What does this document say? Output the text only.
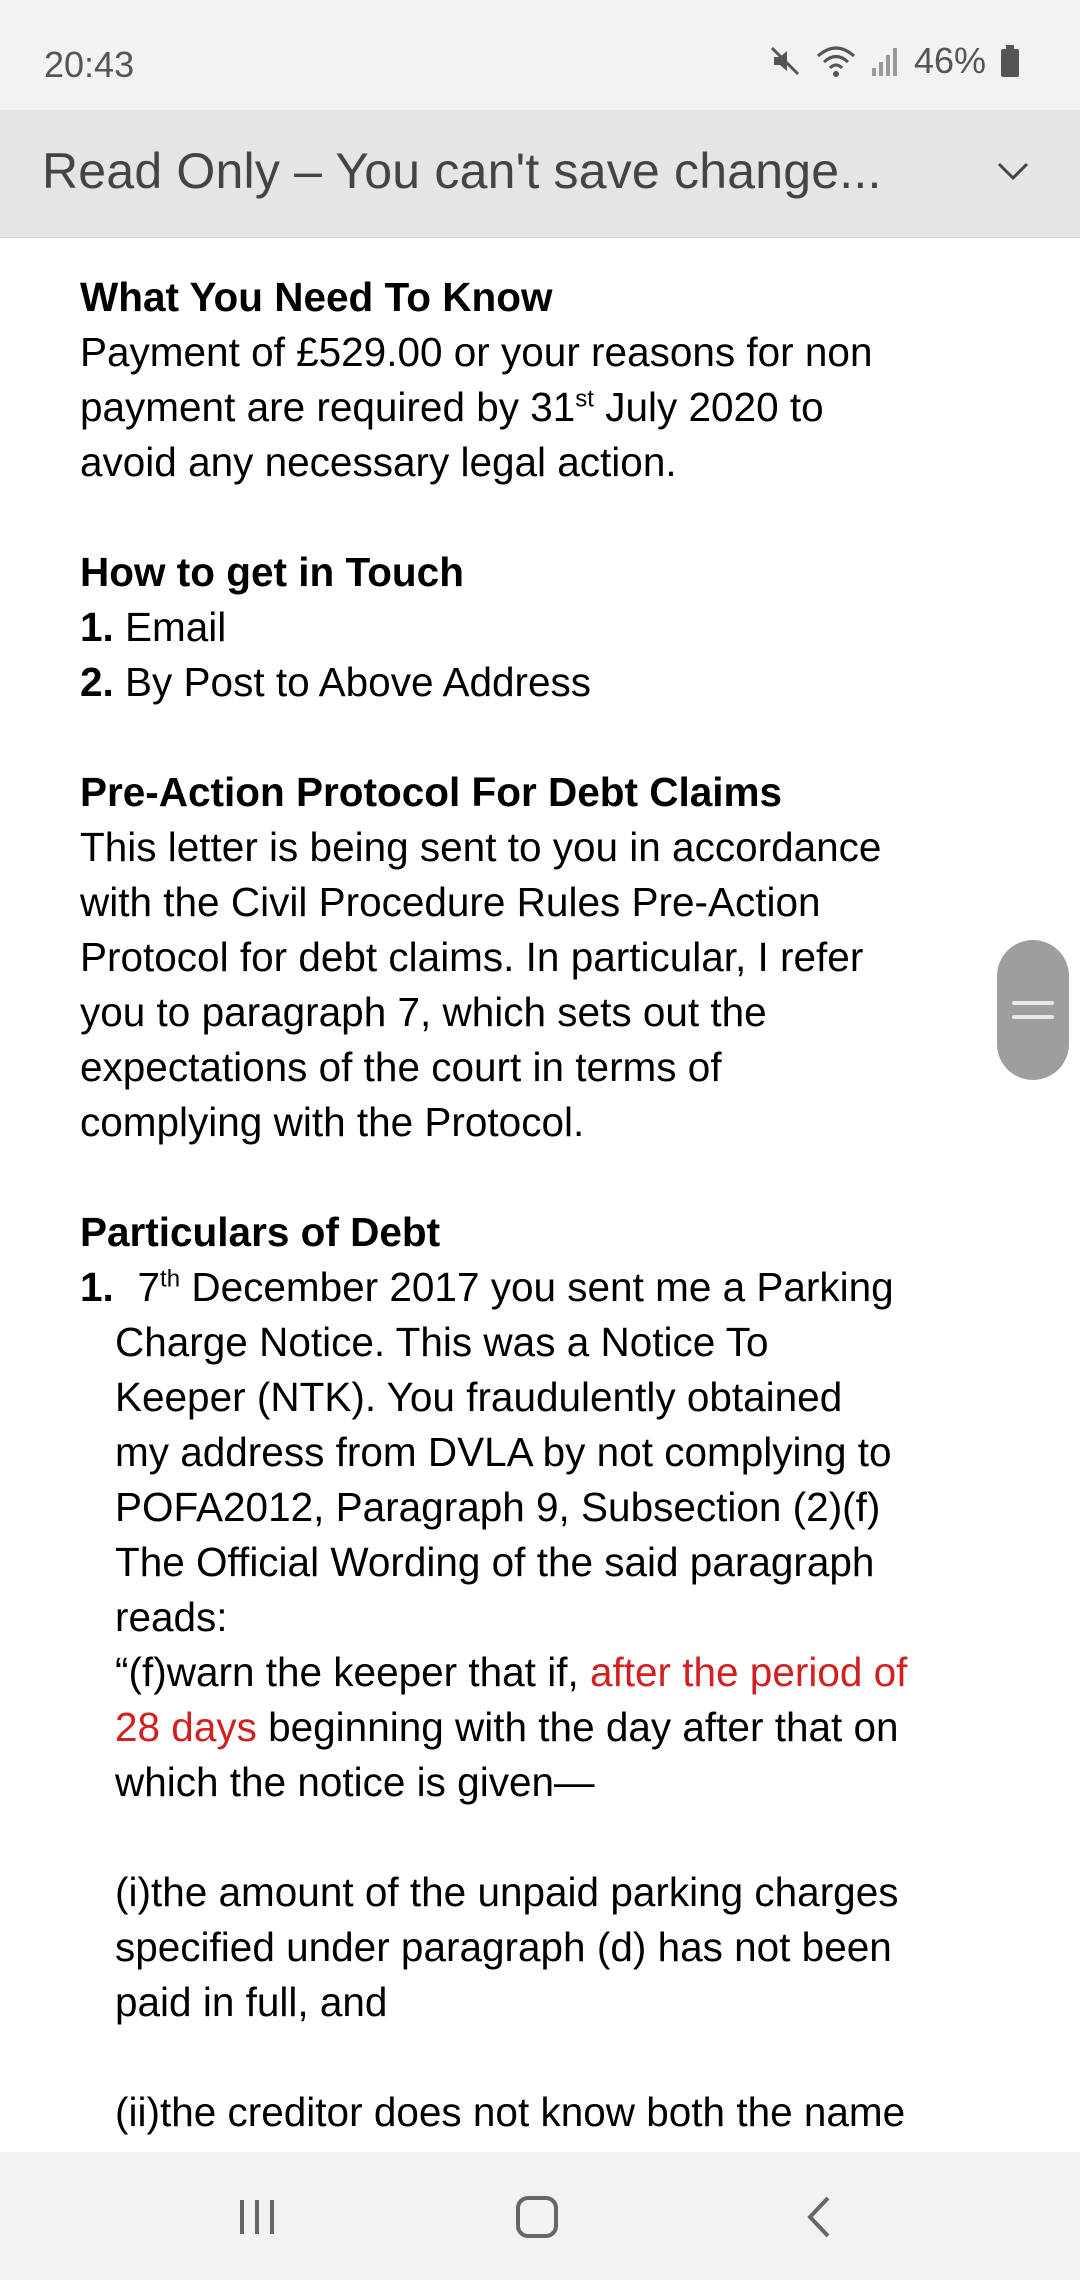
20:43	46%
Read Only – You can't save change...

What You Need To Know

Payment of £529.00 or your reasons for non

payment are required by 31st July 2020 to

avoid any necessary legal action.

How to get in Touch

1. Email

2. By Post to Above Address

Pre-Action Protocol For Debt Claims

This letter is being sent to you in accordance

with the Civil Procedure Rules Pre-Action

Protocol for debt claims. In particular, I refer

you to paragraph 7, which sets out the

expectations of the court in terms of

complying with the Protocol.

Particulars of Debt

1. 7th December 2017 you sent me a Parking

Charge Notice. This was a Notice To

Keeper (NTK). You fraudulently obtained

my address from DVLA by not complying to

POFA2012, Paragraph 9, Subsection (2)(f)

The Official Wording of the said paragraph

reads:

“(f)warn the keeper that if, after the period of

28 days beginning with the day after that on

which the notice is given—

(i)the amount of the unpaid parking charges

specified under paragraph (d) has not been

paid in full, and

(ii)the creditor does not know both the name
